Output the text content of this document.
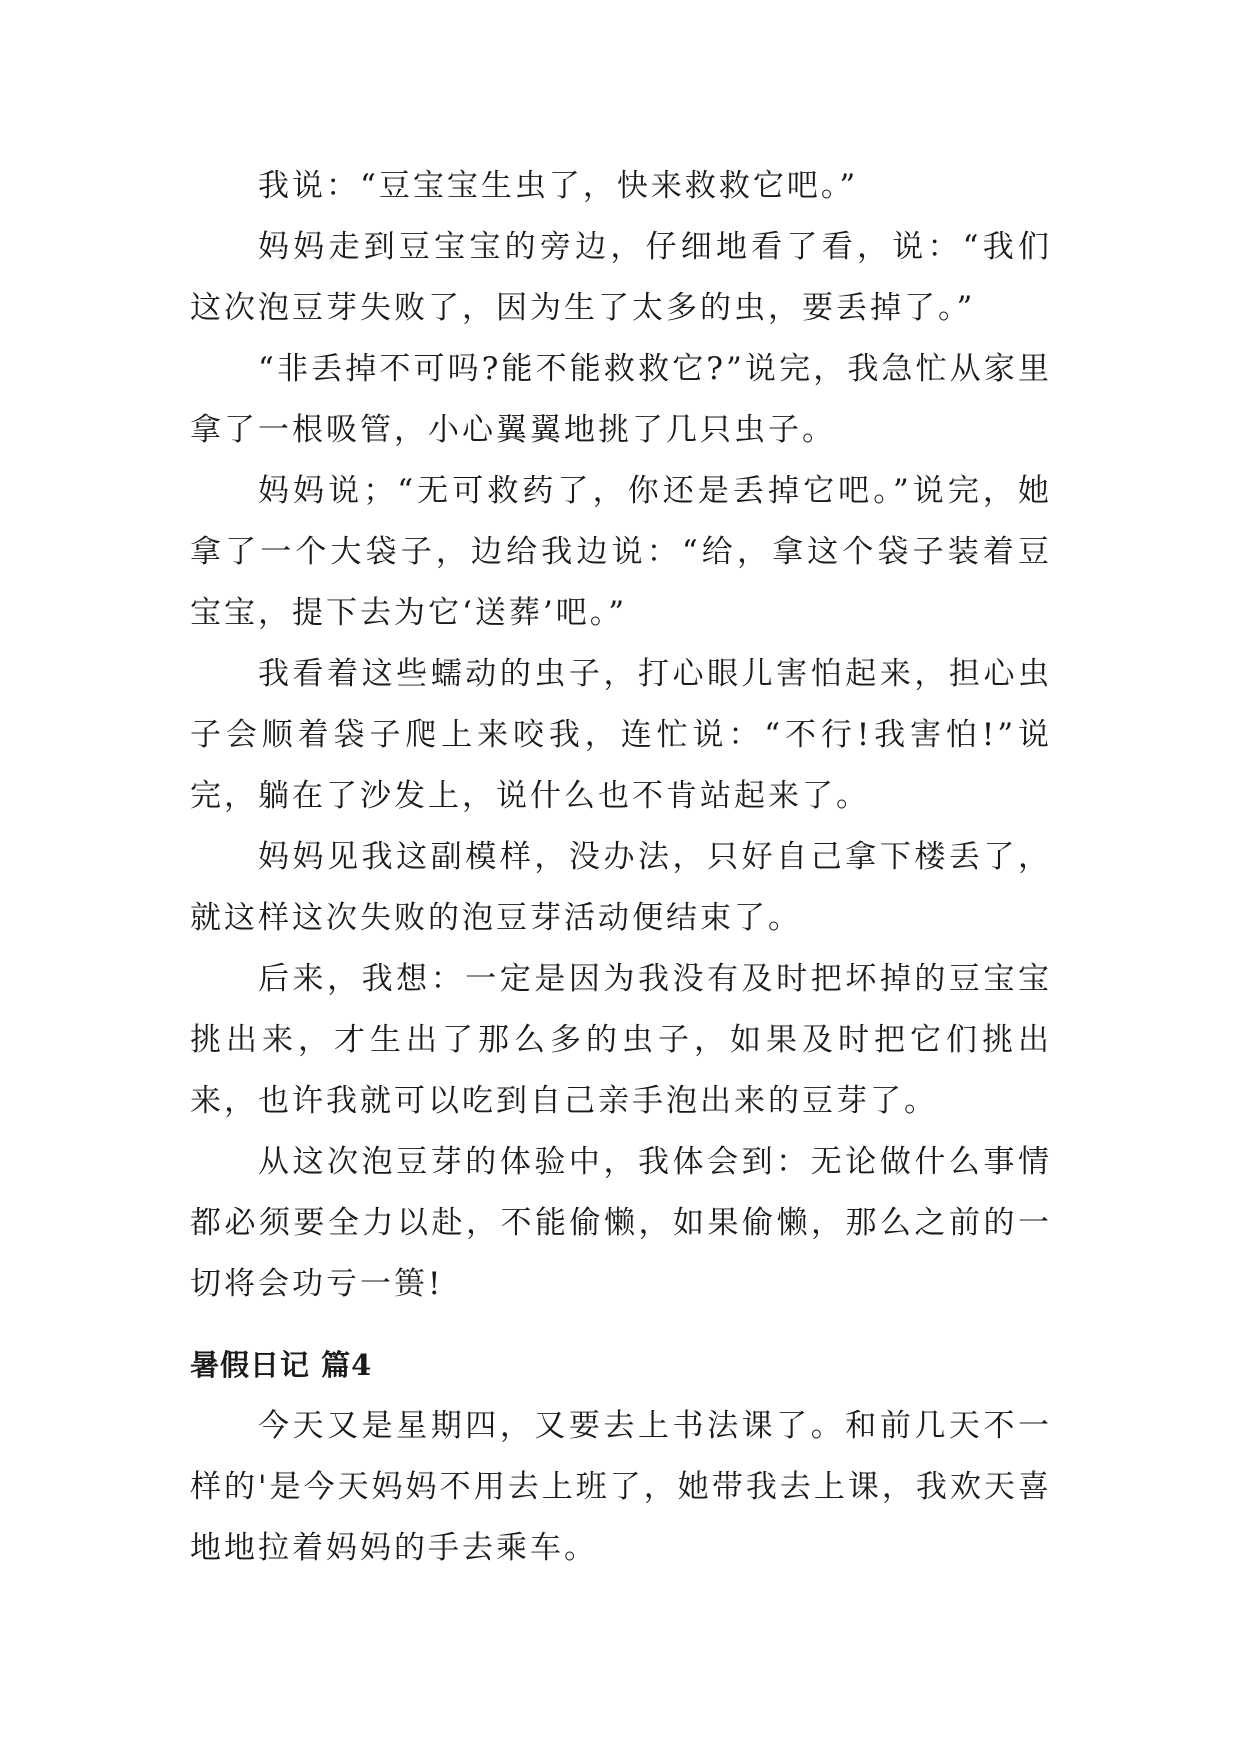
我说：“豆宝宝生虫了，快来救救它吧。”

妈妈走到豆宝宝的旁边，仔细地看了看，说：“我们这次泡豆芽失败了，因为生了太多的虫，要丢掉了。”

“非丢掉不可吗?能不能救救它?”说完，我急忙从家里拿了一根吸管，小心翼翼地挑了几只虫子。

妈妈说；“无可救药了，你还是丢掉它吧。”说完，她拿了一个大袋子，边给我边说：“给，拿这个袋子装着豆宝宝，提下去为它‘送葬’吧。”

我看着这些蠕动的虫子，打心眼儿害怕起来，担心虫子会顺着袋子爬上来咬我，连忙说：“不行!我害怕!”说完，躺在了沙发上，说什么也不肯站起来了。

妈妈见我这副模样，没办法，只好自己拿下楼丢了，就这样这次失败的泡豆芽活动便结束了。

后来，我想：一定是因为我没有及时把坏掉的豆宝宝挑出来，才生出了那么多的虫子，如果及时把它们挑出来，也许我就可以吃到自己亲手泡出来的豆芽了。

从这次泡豆芽的体验中，我体会到：无论做什么事情都必须要全力以赴，不能偷懒，如果偷懒，那么之前的一切将会功亏一篑!

暑假日记 篇4

今天又是星期四，又要去上书法课了。和前几天不一样的'是今天妈妈不用去上班了，她带我去上课，我欢天喜地地拉着妈妈的手去乘车。
